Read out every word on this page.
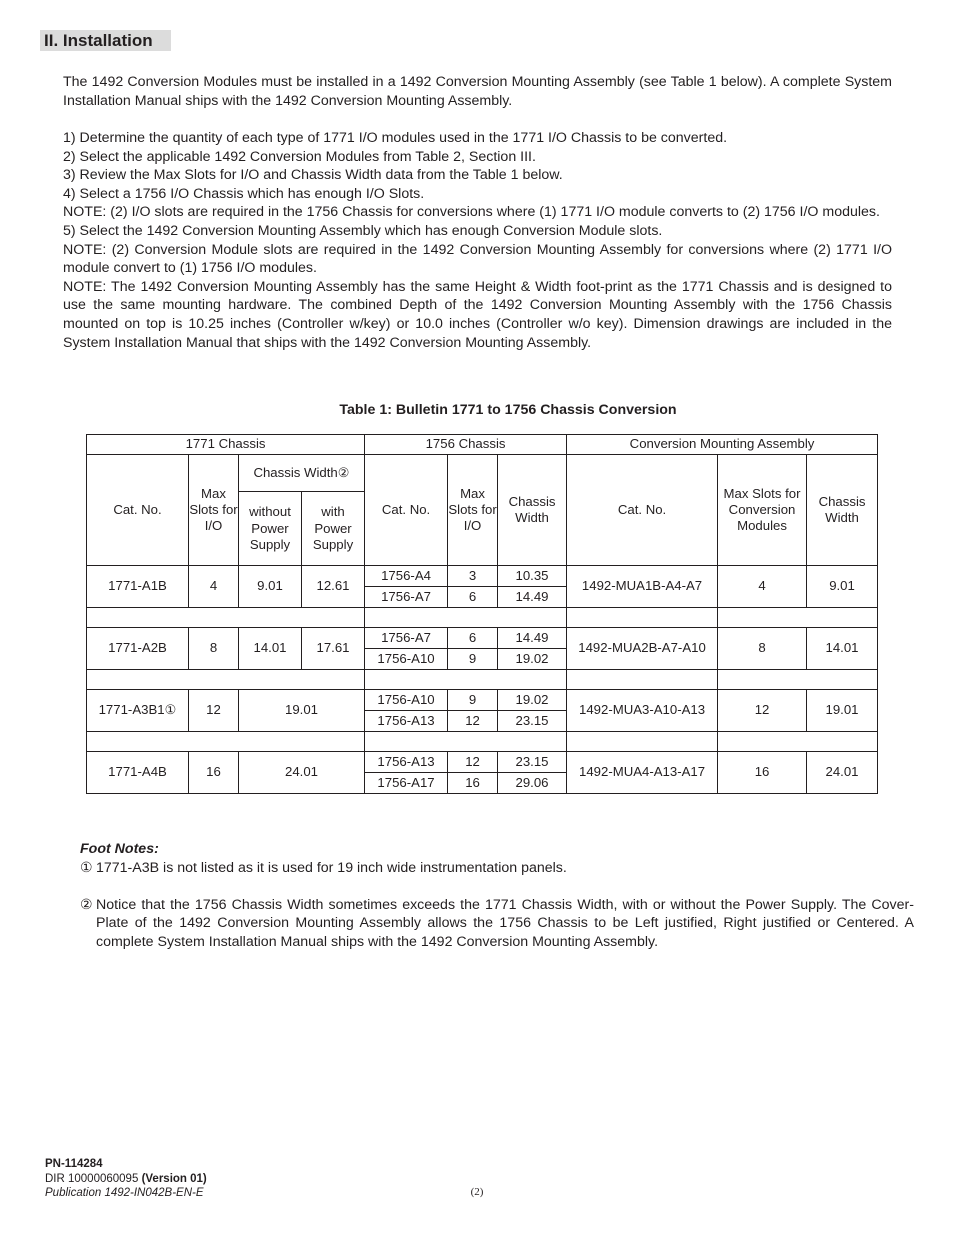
II. Installation

The 1492 Conversion Modules must be installed in a 1492 Conversion Mounting Assembly (see Table 1 below). A complete System Installation Manual ships with the 1492 Conversion Mounting Assembly.

1) Determine the quantity of each type of 1771 I/O modules used in the 1771 I/O Chassis to be converted.

2) Select the applicable 1492 Conversion Modules from Table 2, Section III.

3) Review the Max Slots for I/O and Chassis Width data from the Table 1 below.

4) Select a 1756 I/O Chassis which has enough I/O Slots.

NOTE: (2) I/O slots are required in the 1756 Chassis for conversions where (1) 1771 I/O module converts to (2) 1756 I/O modules.

5) Select the 1492 Conversion Mounting Assembly which has enough Conversion Module slots.

NOTE: (2) Conversion Module slots are required in the 1492 Conversion Mounting Assembly for conversions where (2) 1771 I/O module convert to (1) 1756 I/O modules.

NOTE: The 1492 Conversion Mounting Assembly has the same Height & Width foot-print as the 1771 Chassis and is designed to use the same mounting hardware. The combined Depth of the 1492 Conversion Mounting Assembly with the 1756 Chassis mounted on top is 10.25 inches (Controller w/key) or 10.0 inches (Controller w/o key). Dimension drawings are included in the System Installation Manual that ships with the 1492 Conversion Mounting Assembly.

Table 1: Bulletin 1771 to 1756 Chassis Conversion
1771 Chassis				1756 Chassis			Conversion Mounting Assembly		
Cat. No.	Max Slots for I/O	Chassis Width②		Cat. No.	Max Slots for I/O	Chassis Width	Cat. No.	Max Slots for Conversion Modules	Chassis Width
		without Power Supply	with Power Supply						
1771-A1B	4	9.01	12.61	1756-A4	3	10.35	1492-MUA1B-A4-A7	4	9.01
				1756-A7	6	14.49			

1771-A2B	8	14.01	17.61	1756-A7	6	14.49	1492-MUA2B-A7-A10	8	14.01
				1756-A10	9	19.02			

1771-A3B1①	12	19.01		1756-A10	9	19.02	1492-MUA3-A10-A13	12	19.01
				1756-A13	12	23.15			

1771-A4B	16	24.01		1756-A13	12	23.15	1492-MUA4-A13-A17	16	24.01
				1756-A17	16	29.06			

Foot Notes:

① 1771-A3B is not listed as it is used for 19 inch wide instrumentation panels.
② Notice that the 1756 Chassis Width sometimes exceeds the 1771 Chassis Width, with or without the Power Supply. The Cover-Plate of the 1492 Conversion Mounting Assembly allows the 1756 Chassis to be Left justified, Right justified or Centered. A complete System Installation Manual ships with the 1492 Conversion Mounting Assembly.
PN-114284
DIR 10000060095 (Version 01)
Publication 1492-IN042B-EN-E	(2)
